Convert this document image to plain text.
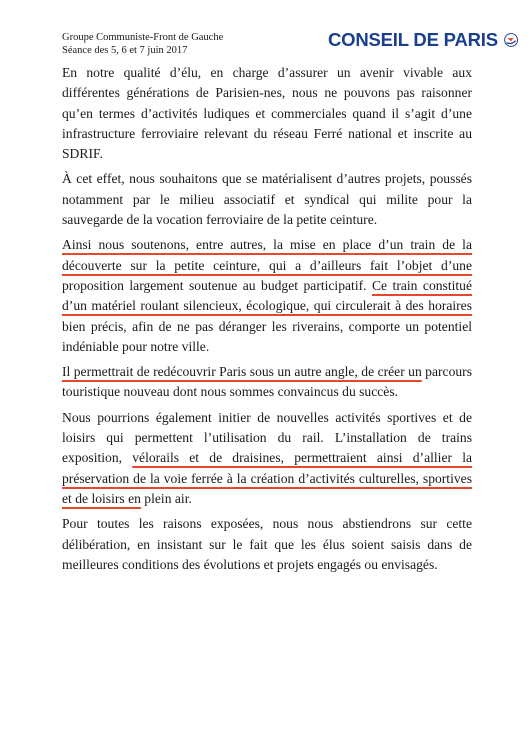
Groupe Communiste-Front de Gauche
Séance des 5, 6 et 7 juin 2017
CONSEIL DE PARIS

En notre qualité d’élu, en charge d’assurer un avenir vivable aux différentes générations de Parisien-nes, nous ne pouvons pas raisonner qu’en termes d’activités ludiques et commerciales quand il s’agit d’une infrastructure ferroviaire relevant du réseau Ferré national et inscrite au SDRIF.

À cet effet, nous souhaitons que se matérialisent d’autres projets, poussés notamment par le milieu associatif et syndical qui milite pour la sauvegarde de la vocation ferroviaire de la petite ceinture.

Ainsi nous soutenons, entre autres, la mise en place d’un train de la découverte sur la petite ceinture, qui a d’ailleurs fait l’objet d’une proposition largement soutenue au budget participatif. Ce train constitué d’un matériel roulant silencieux, écologique, qui circulerait à des horaires bien précis, afin de ne pas déranger les riverains, comporte un potentiel indéniable pour notre ville.

Il permettrait de redécouvrir Paris sous un autre angle, de créer un parcours touristique nouveau dont nous sommes convaincus du succès.

Nous pourrions également initier de nouvelles activités sportives et de loisirs qui permettent l’utilisation du rail. L’installation de trains exposition, vélorails et de draisines, permettraient ainsi d’allier la préservation de la voie ferrée à la création d’activités culturelles, sportives et de loisirs en plein air.

Pour toutes les raisons exposées, nous nous abstiendrons sur cette délibération, en insistant sur le fait que les élus soient saisis dans de meilleures conditions des évolutions et projets engagés ou envisagés.
